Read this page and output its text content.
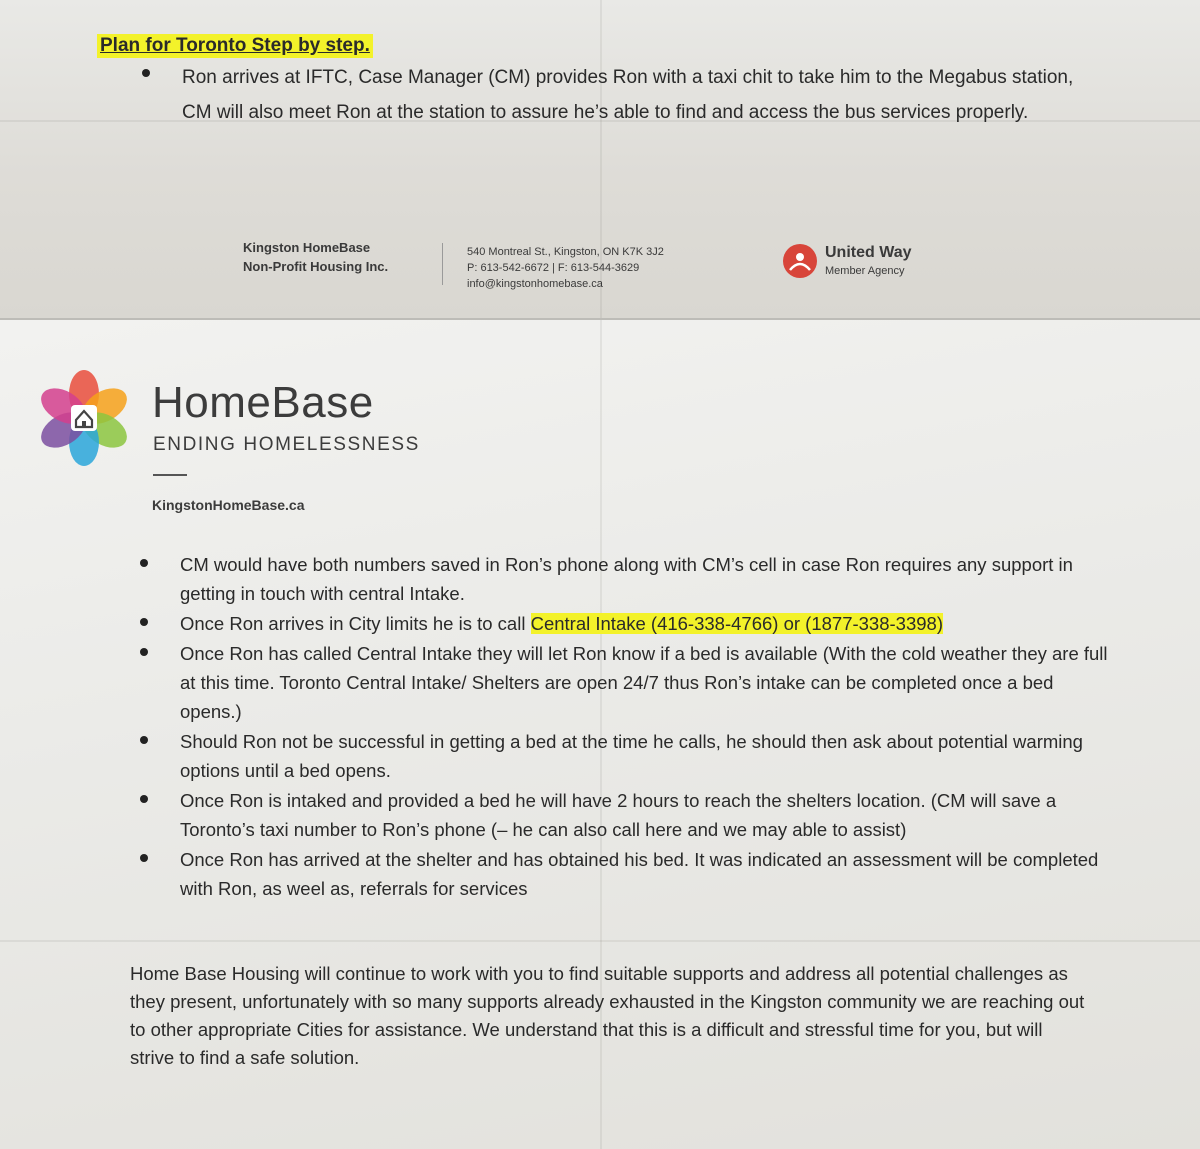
Plan for Toronto Step by step.
Ron arrives at IFTC, Case Manager (CM) provides Ron with a taxi chit to take him to the Megabus station, CM will also meet Ron at the station to assure he’s able to find and access the bus services properly.
Kingston HomeBase
Non-Profit Housing Inc.
540 Montreal St., Kingston, ON K7K 3J2
P: 613-542-6672 | F: 613-544-3629
info@kingstonhomebase.ca
United Way
Member Agency
HomeBase
ENDING HOMELESSNESS
KingstonHomeBase.ca
CM would have both numbers saved in Ron’s phone along with CM’s cell in case Ron requires any support in getting in touch with central Intake.
Once Ron arrives in City limits he is to call Central Intake (416-338-4766) or (1877-338-3398)
Once Ron has called Central Intake they will let Ron know if a bed is available (With the cold weather they are full at this time. Toronto Central Intake/ Shelters are open 24/7 thus Ron’s intake can be completed once a bed opens.)
Should Ron not be successful in getting a bed at the time he calls, he should then ask about potential warming options until a bed opens.
Once Ron is intaked and provided a bed he will have 2 hours to reach the shelters location. (CM will save a Toronto’s taxi number to Ron’s phone (– he can also call here and we may able to assist)
Once Ron has arrived at the shelter and has obtained his bed. It was indicated an assessment will be completed with Ron, as weel as, referrals for services
Home Base Housing will continue to work with you to find suitable supports and address all potential challenges as they present, unfortunately with so many supports already exhausted in the Kingston community we are reaching out to other appropriate Cities for assistance. We understand that this is a difficult and stressful time for you, but will strive to find a safe solution.
